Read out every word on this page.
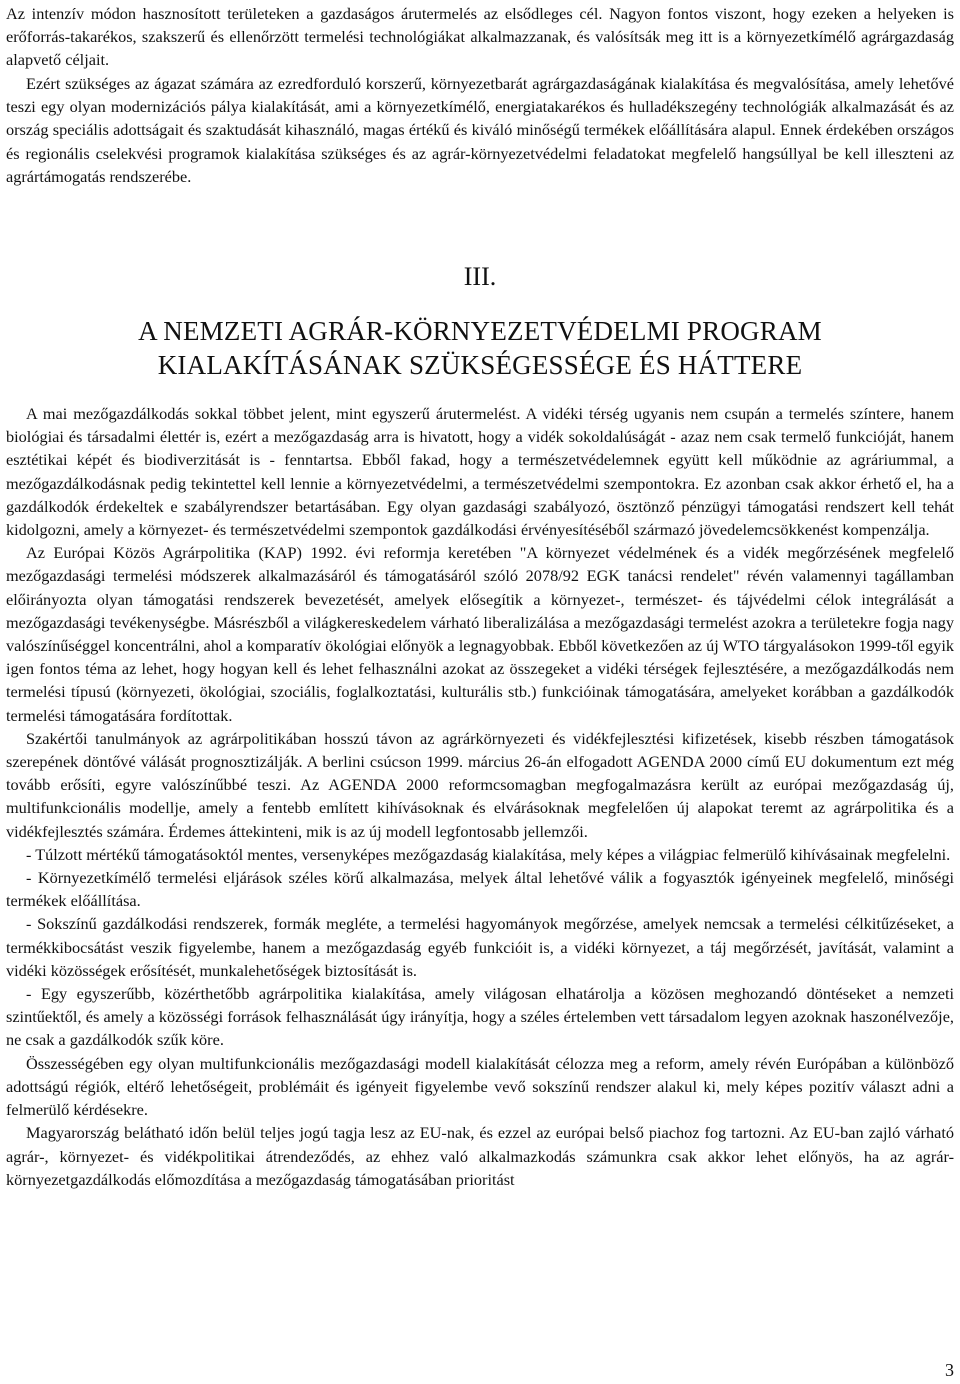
Az intenzív módon hasznosított területeken a gazdaságos árutermelés az elsődleges cél. Nagyon fontos viszont, hogy ezeken a helyeken is erőforrás-takarékos, szakszerű és ellenőrzött termelési technológiákat alkalmazzanak, és valósítsák meg itt is a környezetkímélő agrárgazdaság alapvető céljait.

Ezért szükséges az ágazat számára az ezredforduló korszerű, környezetbarát agrárgazdaságának kialakítása és megvalósítása, amely lehetővé teszi egy olyan modernizációs pálya kialakítását, ami a környezetkímélő, energiatakarékos és hulladékszegény technológiák alkalmazását és az ország speciális adottságait és szaktudását kihasználó, magas értékű és kiváló minőségű termékek előállítására alapul. Ennek érdekében országos és regionális cselekvési programok kialakítása szükséges és az agrár-környezetvédelmi feladatokat megfelelő hangsúllyal be kell illeszteni az agrártámogatás rendszerébe.

III.
A NEMZETI AGRÁR-KÖRNYEZETVÉDELMI PROGRAM
KIALAKÍTÁSÁNAK SZÜKSÉGESSÉGE ÉS HÁTTERE

A mai mezőgazdálkodás sokkal többet jelent, mint egyszerű árutermelést. A vidéki térség ugyanis nem csupán a termelés színtere, hanem biológiai és társadalmi élettér is, ezért a mezőgazdaság arra is hivatott, hogy a vidék sokoldalúságát - azaz nem csak termelő funkcióját, hanem esztétikai képét és biodiverzitását is - fenntartsa. Ebből fakad, hogy a természetvédelemnek együtt kell működnie az agráriummal, a mezőgazdálkodásnak pedig tekintettel kell lennie a környezetvédelmi, a természetvédelmi szempontokra. Ez azonban csak akkor érhető el, ha a gazdálkodók érdekeltek e szabályrendszer betartásában. Egy olyan gazdasági szabályozó, ösztönző pénzügyi támogatási rendszert kell tehát kidolgozni, amely a környezet- és természetvédelmi szempontok gazdálkodási érvényesítéséből származó jövedelemcsökkenést kompenzálja.

Az Európai Közös Agrárpolitika (KAP) 1992. évi reformja keretében "A környezet védelmének és a vidék megőrzésének megfelelő mezőgazdasági termelési módszerek alkalmazásáról és támogatásáról szóló 2078/92 EGK tanácsi rendelet" révén valamennyi tagállamban előirányozta olyan támogatási rendszerek bevezetését, amelyek elősegítik a környezet-, természet- és tájvédelmi célok integrálását a mezőgazdasági tevékenységbe. Másrészből a világkereskedelem várható liberalizálása a mezőgazdasági termelést azokra a területekre fogja nagy valószínűséggel koncentrálni, ahol a komparatív ökológiai előnyök a legnagyobbak. Ebből következően az új WTO tárgyalásokon 1999-től egyik igen fontos téma az lehet, hogy hogyan kell és lehet felhasználni azokat az összegeket a vidéki térségek fejlesztésére, a mezőgazdálkodás nem termelési típusú (környezeti, ökológiai, szociális, foglalkoztatási, kulturális stb.) funkcióinak támogatására, amelyeket korábban a gazdálkodók termelési támogatására fordítottak.

Szakértői tanulmányok az agrárpolitikában hosszú távon az agrárkörnyezeti és vidékfejlesztési kifizetések, kisebb részben támogatások szerepének döntővé válását prognosztizálják. A berlini csúcson 1999. március 26-án elfogadott AGENDA 2000 című EU dokumentum ezt még tovább erősíti, egyre valószínűbbé teszi. Az AGENDA 2000 reformcsomagban megfogalmazásra került az európai mezőgazdaság új, multifunkcionális modellje, amely a fentebb említett kihívásoknak és elvárásoknak megfelelően új alapokat teremt az agrárpolitika és a vidékfejlesztés számára. Érdemes áttekinteni, mik is az új modell legfontosabb jellemzői.

- Túlzott mértékű támogatásoktól mentes, versenyképes mezőgazdaság kialakítása, mely képes a világpiac felmerülő kihívásainak megfelelni.

- Környezetkímélő termelési eljárások széles körű alkalmazása, melyek által lehetővé válik a fogyasztók igényeinek megfelelő, minőségi termékek előállítása.

- Sokszínű gazdálkodási rendszerek, formák megléte, a termelési hagyományok megőrzése, amelyek nemcsak a termelési célkitűzéseket, a termékkibocsátást veszik figyelembe, hanem a mezőgazdaság egyéb funkcióit is, a vidéki környezet, a táj megőrzését, javítását, valamint a vidéki közösségek erősítését, munkalehetőségek biztosítását is.

- Egy egyszerűbb, közérthetőbb agrárpolitika kialakítása, amely világosan elhatárolja a közösen meghozandó döntéseket a nemzeti szintűektől, és amely a közösségi források felhasználását úgy irányítja, hogy a széles értelemben vett társadalom legyen azoknak haszonélvezője, ne csak a gazdálkodók szűk köre.

Összességében egy olyan multifunkcionális mezőgazdasági modell kialakítását célozza meg a reform, amely révén Európában a különböző adottságú régiók, eltérő lehetőségeit, problémáit és igényeit figyelembe vevő sokszínű rendszer alakul ki, mely képes pozitív választ adni a felmerülő kérdésekre.

Magyarország belátható időn belül teljes jogú tagja lesz az EU-nak, és ezzel az európai belső piachoz fog tartozni. Az EU-ban zajló várható agrár-, környezet- és vidékpolitikai átrendeződés, az ehhez való alkalmazkodás számunkra csak akkor lehet előnyös, ha az agrár-környezetgazdálkodás előmozdítása a mezőgazdaság támogatásában prioritást

3
